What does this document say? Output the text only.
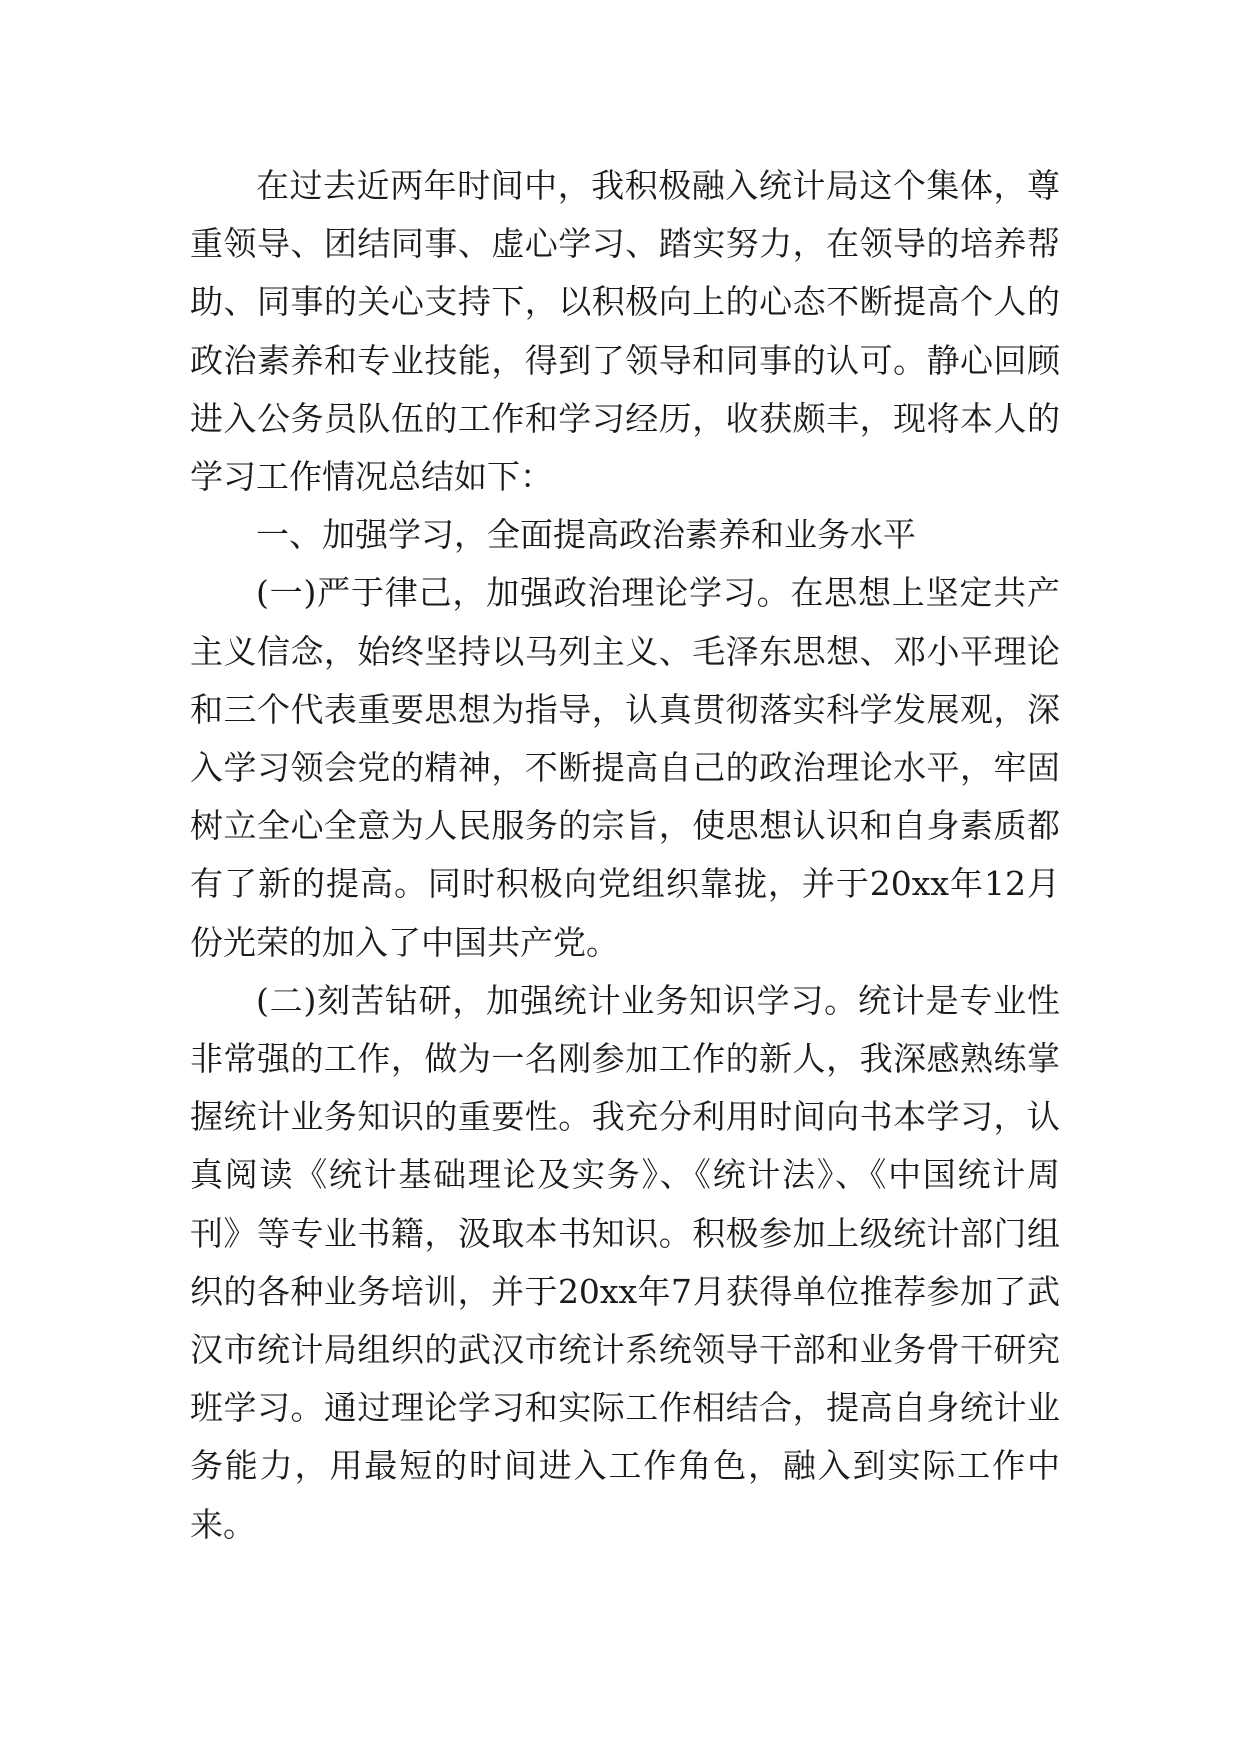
在过去近两年时间中，我积极融入统计局这个集体，尊重领导、团结同事、虚心学习、踏实努力，在领导的培养帮助、同事的关心支持下，以积极向上的心态不断提高个人的政治素养和专业技能，得到了领导和同事的认可。静心回顾进入公务员队伍的工作和学习经历，收获颇丰，现将本人的学习工作情况总结如下：

一、加强学习，全面提高政治素养和业务水平

(一)严于律己，加强政治理论学习。在思想上坚定共产主义信念，始终坚持以马列主义、毛泽东思想、邓小平理论和三个代表重要思想为指导，认真贯彻落实科学发展观，深入学习领会党的精神，不断提高自己的政治理论水平，牢固树立全心全意为人民服务的宗旨，使思想认识和自身素质都有了新的提高。同时积极向党组织靠拢，并于20xx年12月份光荣的加入了中国共产党。

(二)刻苦钻研，加强统计业务知识学习。统计是专业性非常强的工作，做为一名刚参加工作的新人，我深感熟练掌握统计业务知识的重要性。我充分利用时间向书本学习，认真阅读《统计基础理论及实务》、《统计法》、《中国统计周刊》等专业书籍，汲取本书知识。积极参加上级统计部门组织的各种业务培训，并于20xx年7月获得单位推荐参加了武汉市统计局组织的武汉市统计系统领导干部和业务骨干研究班学习。通过理论学习和实际工作相结合，提高自身统计业务能力，用最短的时间进入工作角色，融入到实际工作中来。
